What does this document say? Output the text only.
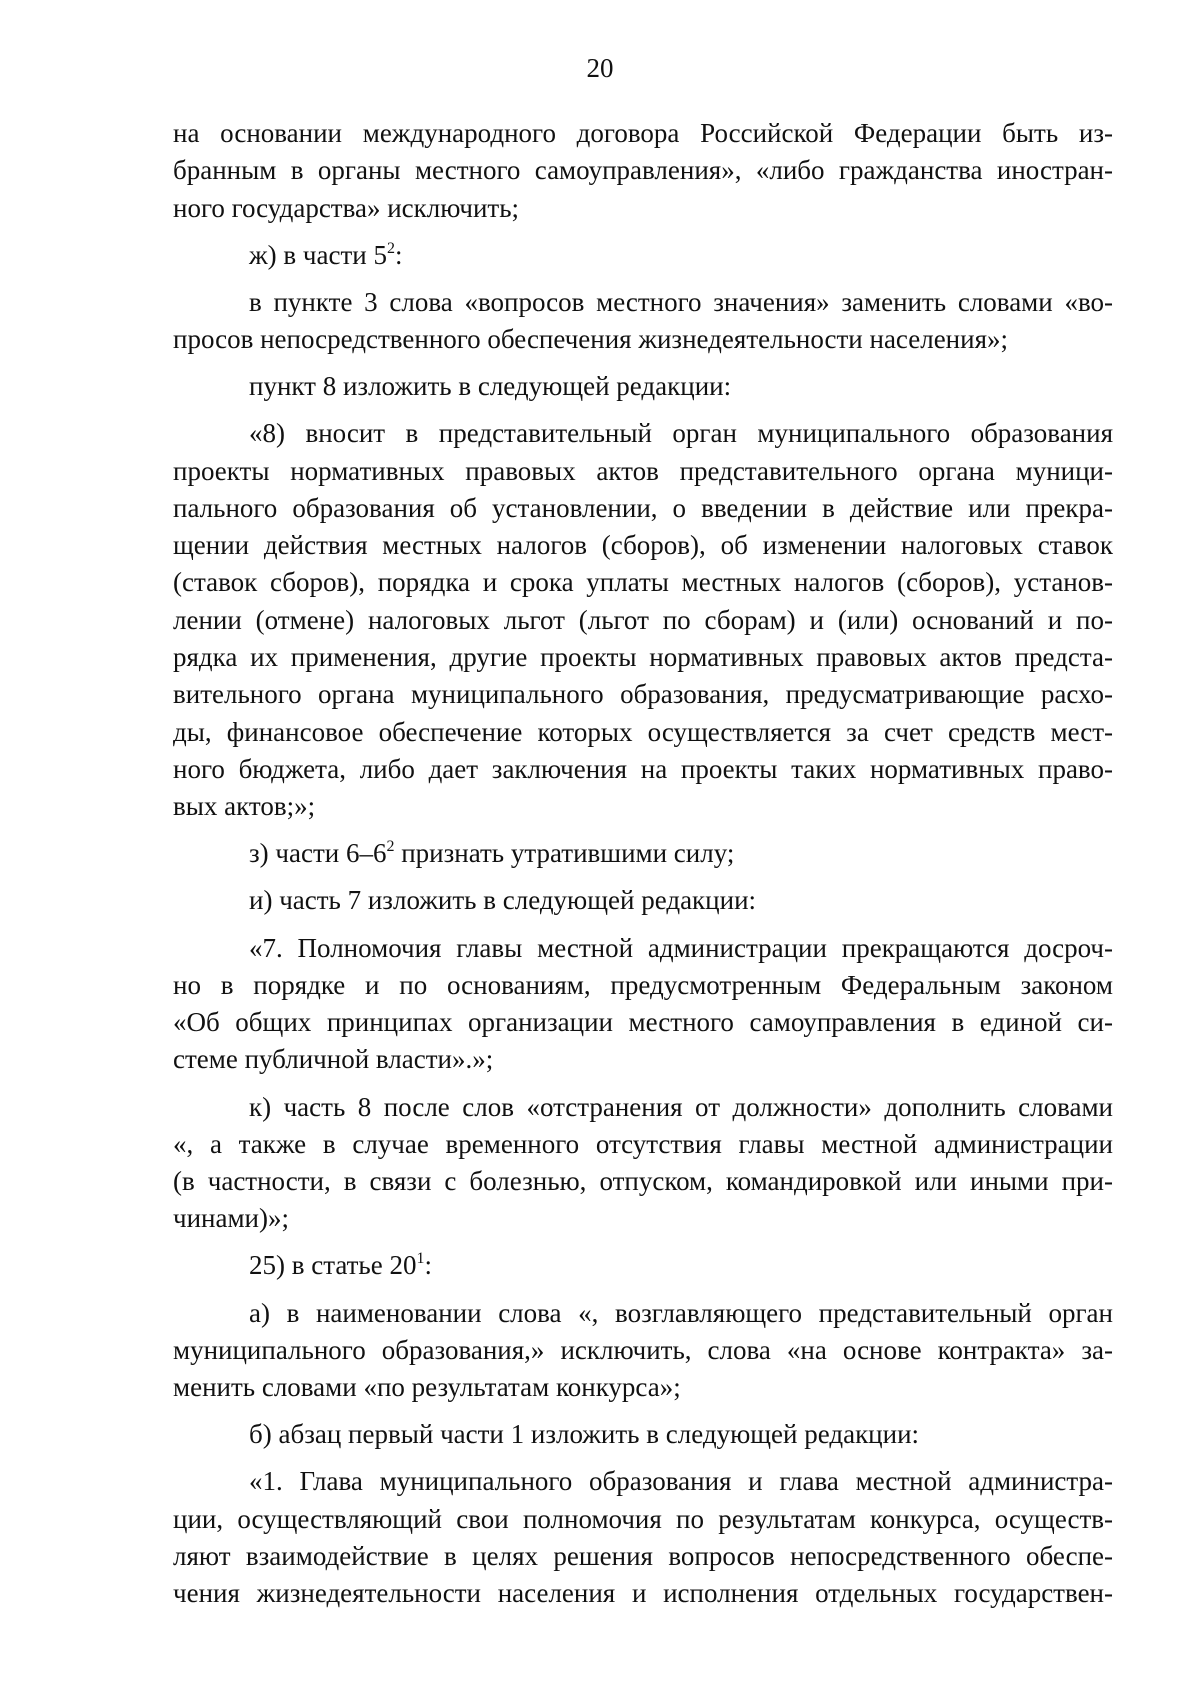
20
на основании международного договора Российской Федерации быть из-
бранным в органы местного самоуправления», «либо гражданства иностран-
ного государства» исключить;
ж) в части $5^2$:
в пункте 3 слова «вопросов местного значения» заменить словами «во-
просов непосредственного обеспечения жизнедеятельности населения»;
пункт 8 изложить в следующей редакции:
«8) вносит в представительный орган муниципального образования
проекты нормативных правовых актов представительного органа муници-
пального образования об установлении, о введении в действие или прекра-
щении действия местных налогов (сборов), об изменении налоговых ставок
(ставок сборов), порядка и срока уплаты местных налогов (сборов), установ-
лении (отмене) налоговых льгот (льгот по сборам) и (или) оснований и по-
рядка их применения, другие проекты нормативных правовых актов предста-
вительного органа муниципального образования, предусматривающие расхо-
ды, финансовое обеспечение которых осуществляется за счет средств мест-
ного бюджета, либо дает заключения на проекты таких нормативных право-
вых актов;»;
з) части $6-6^2$ признать утратившими силу;
и) часть 7 изложить в следующей редакции:
«7. Полномочия главы местной администрации прекращаются досроч-
но в порядке и по основаниям, предусмотренным Федеральным законом
«Об общих принципах организации местного самоуправления в единой си-
стеме публичной власти».»;
к) часть 8 после слов «отстранения от должности» дополнить словами
«, а также в случае временного отсутствия главы местной администрации
(в частности, в связи с болезнью, отпуском, командировкой или иными при-
чинами)»;
25) в статье $20^1$:
а) в наименовании слова «, возглавляющего представительный орган
муниципального образования,» исключить, слова «на основе контракта» за-
менить словами «по результатам конкурса»;
б) абзац первый части 1 изложить в следующей редакции:
«1. Глава муниципального образования и глава местной администра-
ции, осуществляющий свои полномочия по результатам конкурса, осуществ-
ляют взаимодействие в целях решения вопросов непосредственного обеспе-
чения жизнедеятельности населения и исполнения отдельных государствен-
